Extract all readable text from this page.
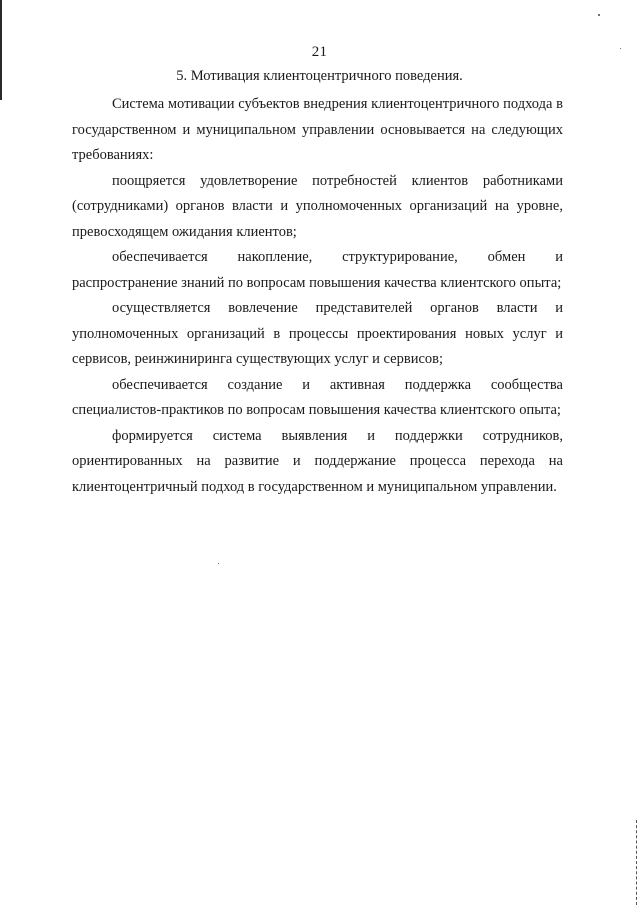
21
5. Мотивация клиентоцентричного поведения.

Система мотивации субъектов внедрения клиентоцентричного подхода в государственном и муниципальном управлении основывается на следующих требованиях:

поощряется удовлетворение потребностей клиентов работниками (сотрудниками) органов власти и уполномоченных организаций на уровне, превосходящем ожидания клиентов;

обеспечивается накопление, структурирование, обмен и распространение знаний по вопросам повышения качества клиентского опыта;

осуществляется вовлечение представителей органов власти и уполномоченных организаций в процессы проектирования новых услуг и сервисов, реинжиниринга существующих услуг и сервисов;

обеспечивается создание и активная поддержка сообщества специалистов-практиков по вопросам повышения качества клиентского опыта;

формируется система выявления и поддержки сотрудников, ориентированных на развитие и поддержание процесса перехода на клиентоцентричный подход в государственном и муниципальном управлении.
